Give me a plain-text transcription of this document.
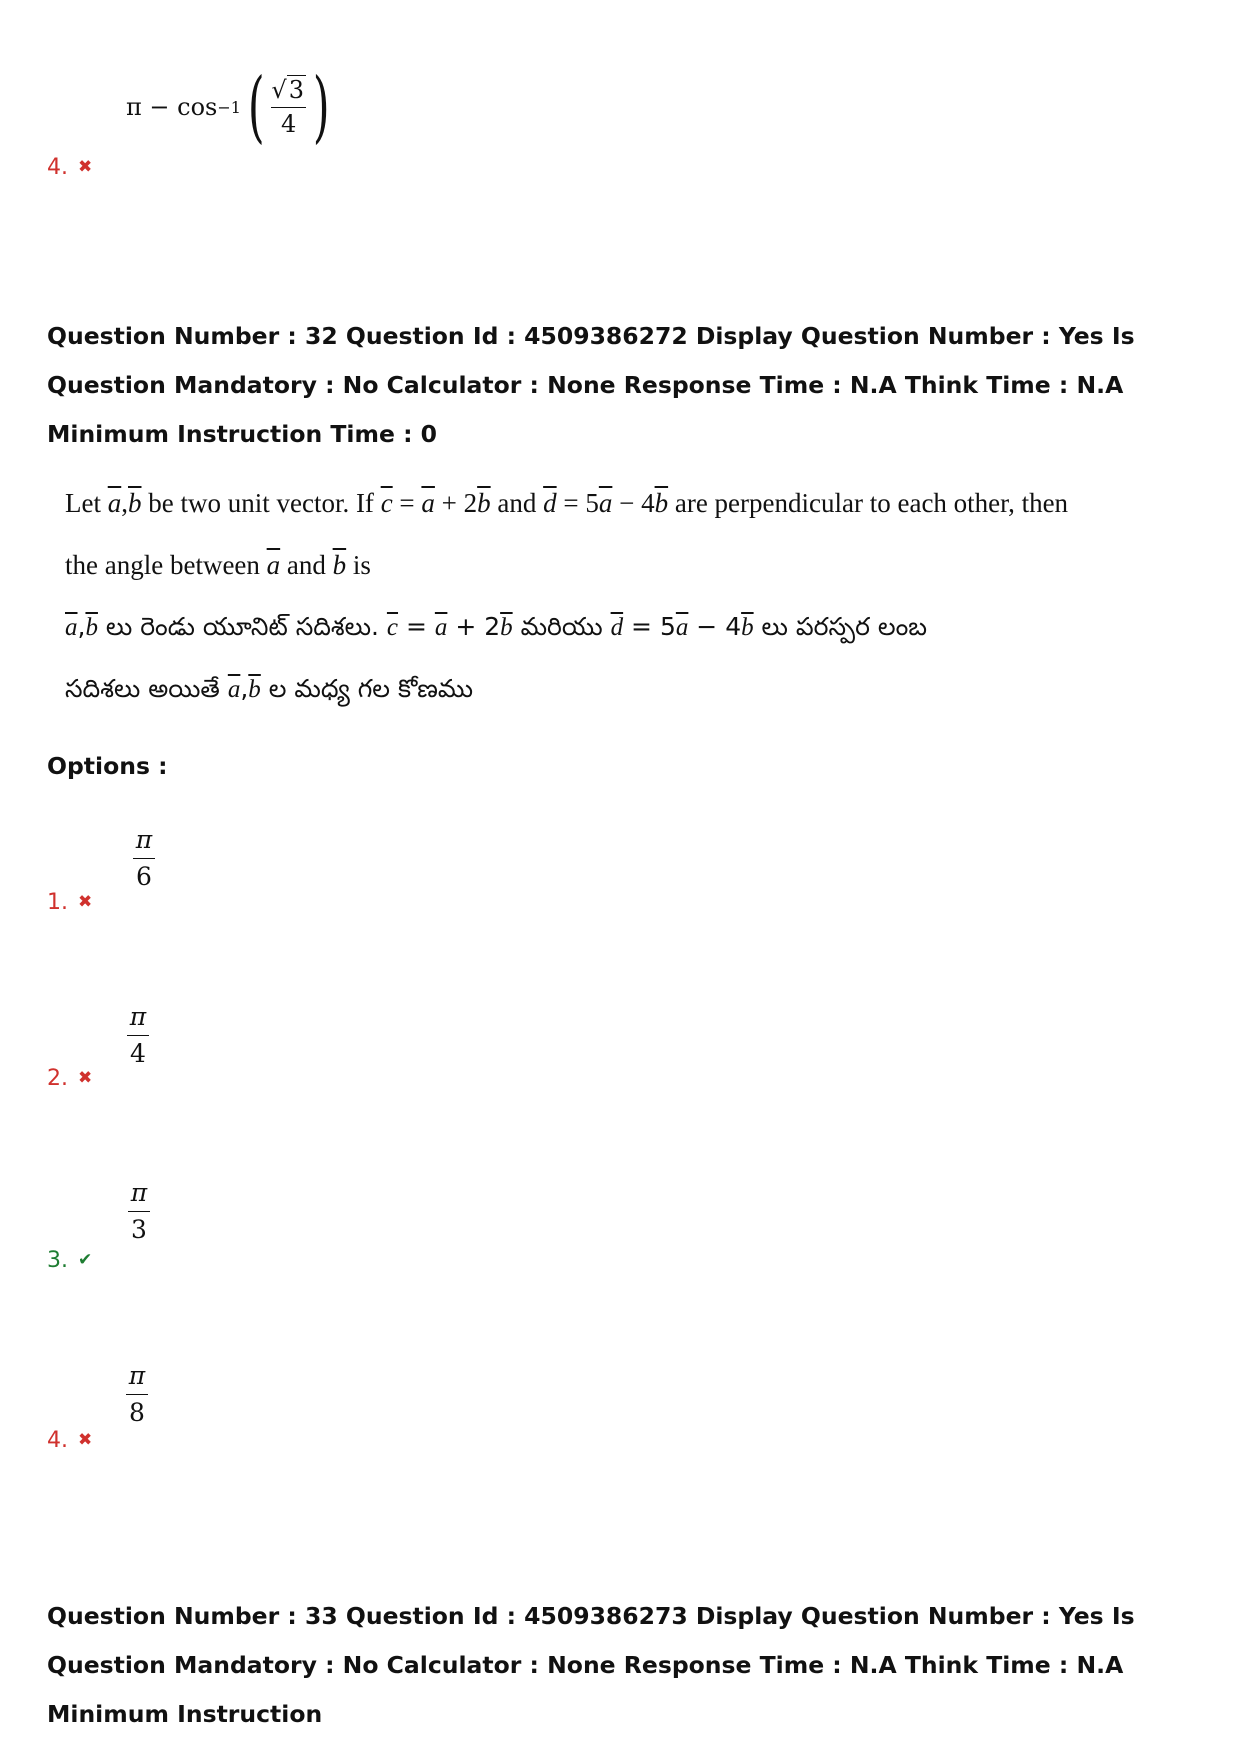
π − cos −1 ( $\frac{√3}{4}$ )
4. ✖
Question Number : 32 Question Id : 4509386272 Display Question Number : Yes Is Question Mandatory : No Calculator : None Response Time : N.A Think Time : N.A Minimum Instruction Time : 0
Let $\overline{a},\overline{b}$ be two unit vector. If $\overline{c} = \overline{a} + 2\overline{b}$ and $\overline{d} = 5\overline{a} - 4\overline{b}$ are perpendicular to each other, then
the angle between $\overline{a}$ and $\overline{b}$ is
$\overline{a},\overline{b}$ లు రెండు యూనిట్ సదిశలు. $\overline{c} = \overline{a} + 2\overline{b}$ మరియు $\overline{d} = 5\overline{a} - 4\overline{b}$ లు పరస్పర లంబ
సదిశలు అయితే $\overline{a},\overline{b}$ ల మధ్య గల కోణము
Options :
π
6
1. ✖
π
4
2. ✖
π
3
3. ✔
π
8
4. ✖
Question Number : 33 Question Id : 4509386273 Display Question Number : Yes Is Question Mandatory : No Calculator : None Response Time : N.A Think Time : N.A Minimum Instruction
